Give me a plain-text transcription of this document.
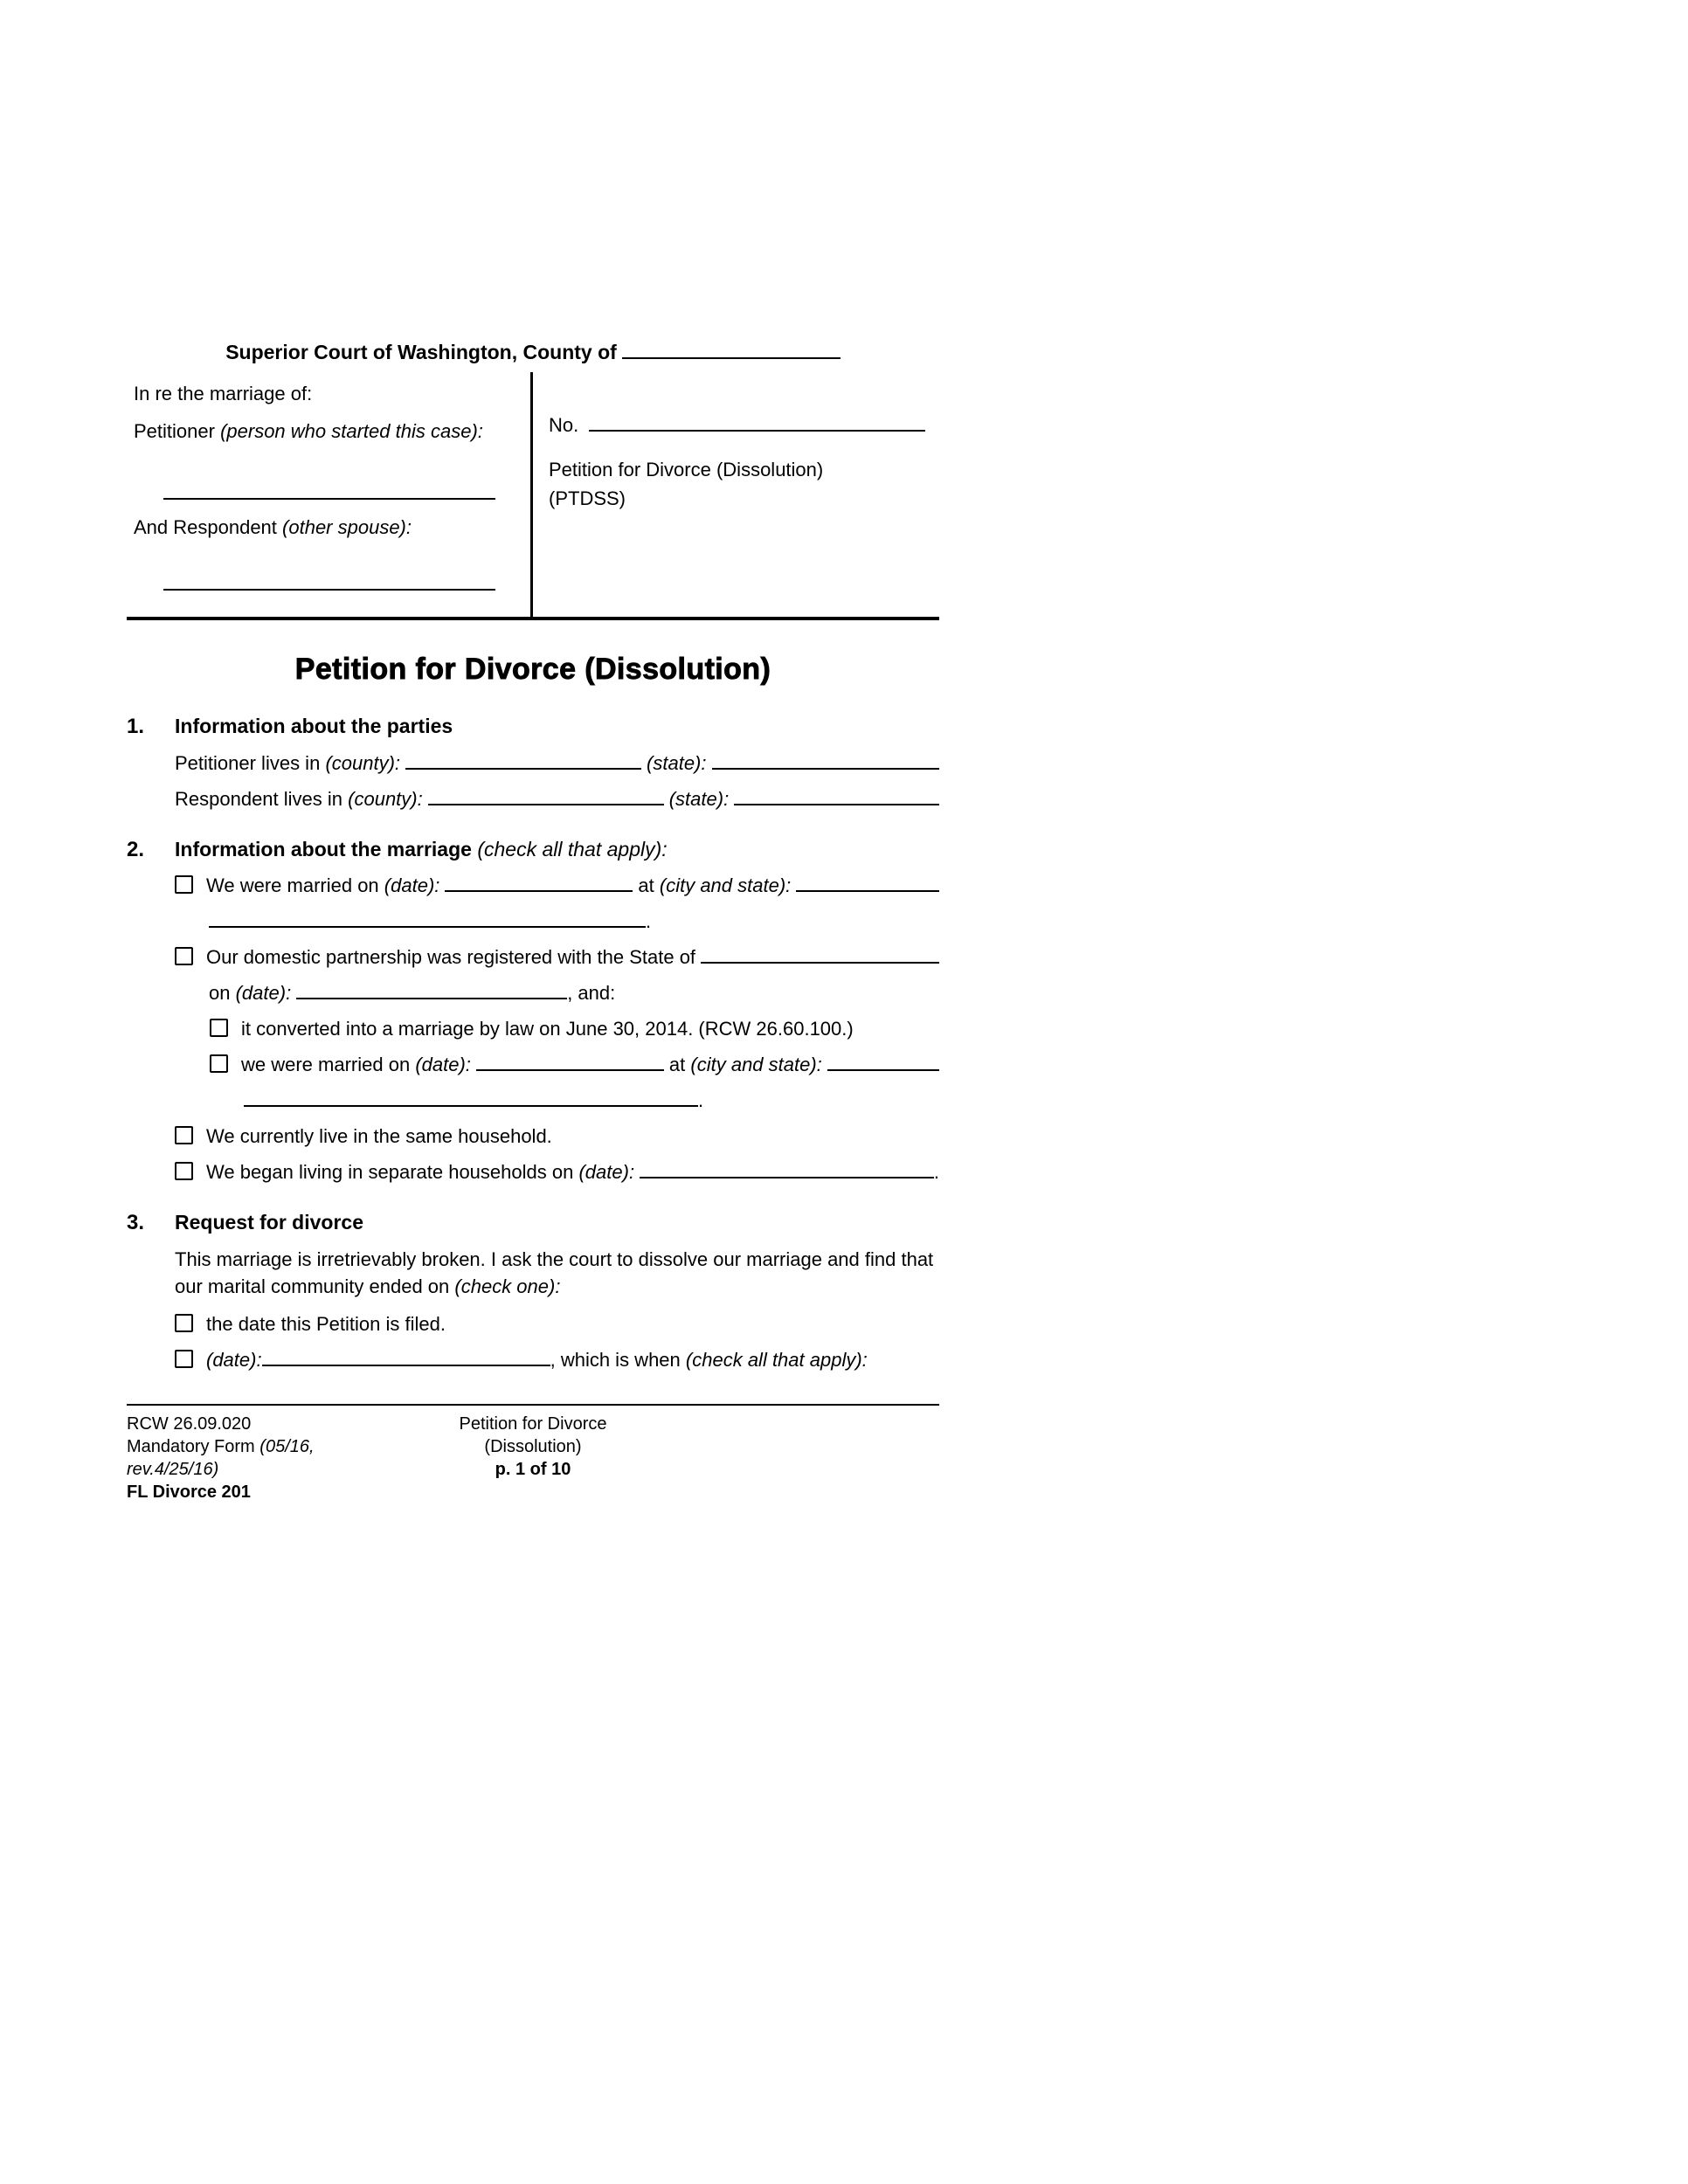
Superior Court of Washington, County of
In re the marriage of:
Petitioner (person who started this case):
And Respondent (other spouse):
No.
Petition for Divorce (Dissolution)
(PTDSS)
Petition for Divorce (Dissolution)
1.	Information about the parties
Petitioner lives in (county):	(state):
Respondent lives in (county):	(state):
2.	Information about the marriage (check all that apply):
We were married on (date):	at (city and state):
.
Our domestic partnership was registered with the State of
on (date):	, and:
it converted into a marriage by law on June 30, 2014. (RCW 26.60.100.)
we were married on (date):	at (city and state):
.
We currently live in the same household.
We began living in separate households on (date):	.
3.	Request for divorce
This marriage is irretrievably broken. I ask the court to dissolve our marriage and find that
our marital community ended on (check one):
the date this Petition is filed.
(date):	, which is when (check all that apply):
RCW 26.09.020
Mandatory Form (05/16, rev.4/25/16)
FL Divorce 201
Petition for Divorce
(Dissolution)
p. 1 of 10
